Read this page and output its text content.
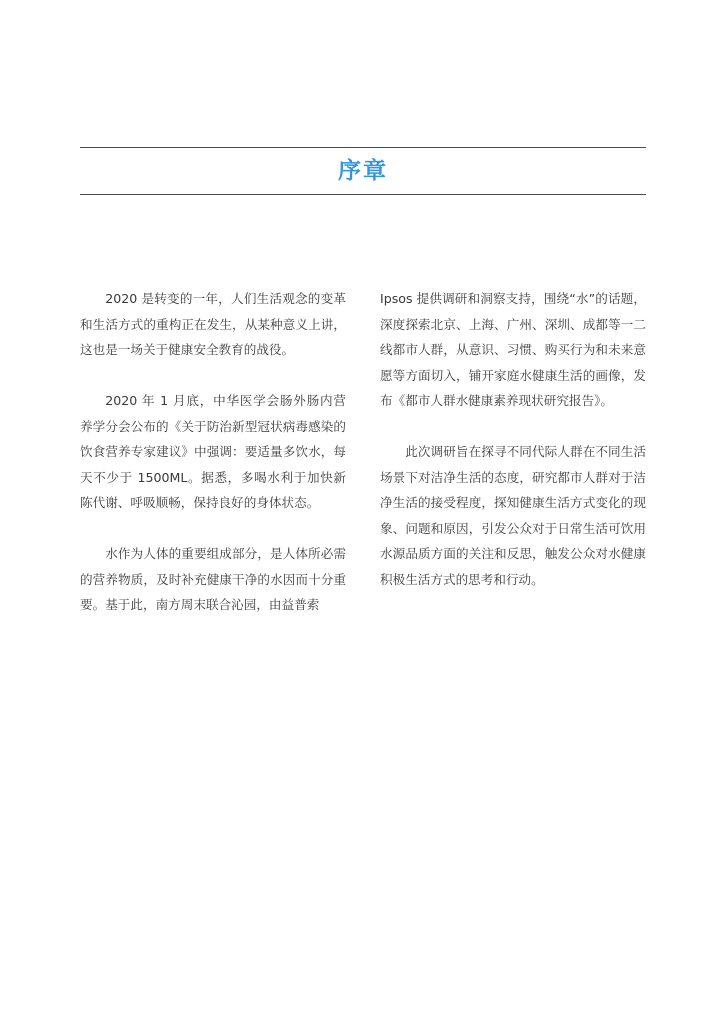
序章

2020 是转变的一年，人们生活观念的变革和生活方式的重构正在发生，从某种意义上讲，这也是一场关于健康安全教育的战役。

2020 年 1 月底，中华医学会肠外肠内营养学分会公布的《关于防治新型冠状病毒感染的饮食营养专家建议》中强调：要适量多饮水，每天不少于 1500ML。据悉，多喝水利于加快新陈代谢、呼吸顺畅，保持良好的身体状态。

水作为人体的重要组成部分，是人体所必需的营养物质，及时补充健康干净的水因而十分重要。基于此，南方周末联合沁园，由益普索

Ipsos 提供调研和洞察支持，围绕“水”的话题，深度探索北京、上海、广州、深圳、成都等一二线都市人群，从意识、习惯、购买行为和未来意愿等方面切入，铺开家庭水健康生活的画像，发布《都市人群水健康素养现状研究报告》。

此次调研旨在探寻不同代际人群在不同生活场景下对洁净生活的态度，研究都市人群对于洁净生活的接受程度，探知健康生活方式变化的现象、问题和原因，引发公众对于日常生活可饮用水源品质方面的关注和反思，触发公众对水健康积极生活方式的思考和行动。
